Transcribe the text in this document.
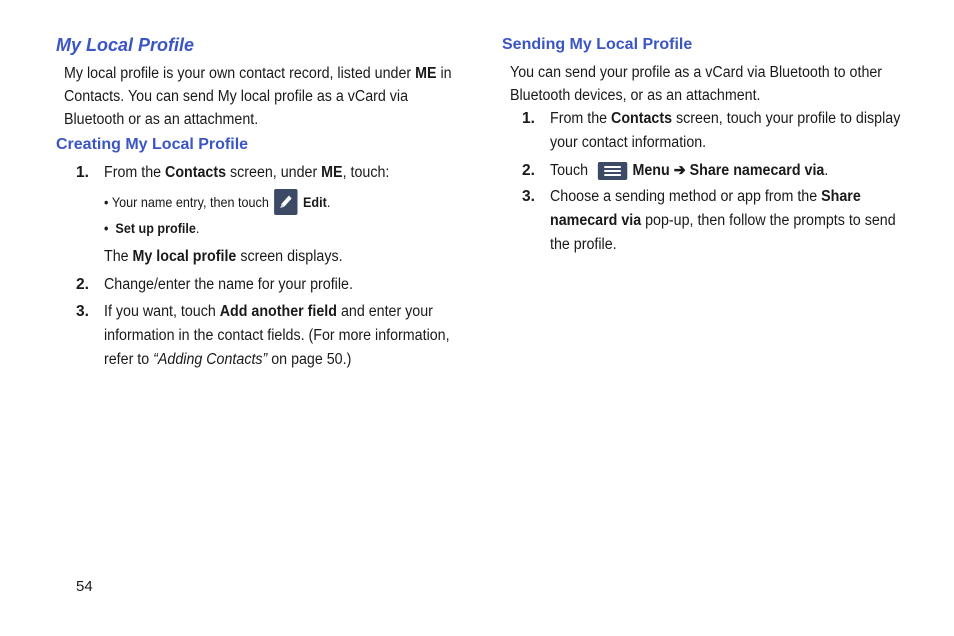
My Local Profile

My local profile is your own contact record, listed under ME in Contacts. You can send My local profile as a vCard via Bluetooth or as an attachment.

Creating My Local Profile
1. From the Contacts screen, under ME, touch:
•
Your name entry, then touch Edit .
•
Set up profile .
The My local profile screen displays.
2. Change/enter the name for your profile.
3. If you want, touch Add another field and enter your information in the contact fields. (For more information, refer to “Adding Contacts” on page 50.)
Sending My Local Profile

You can send your profile as a vCard via Bluetooth to other Bluetooth devices, or as an attachment.

1. From the Contacts screen, touch your profile to display your contact information.
2. Touch	Menu ➔ Share namecard via.
3. Choose a sending method or app from the Share namecard via pop-up, then follow the prompts to send the profile.
54
